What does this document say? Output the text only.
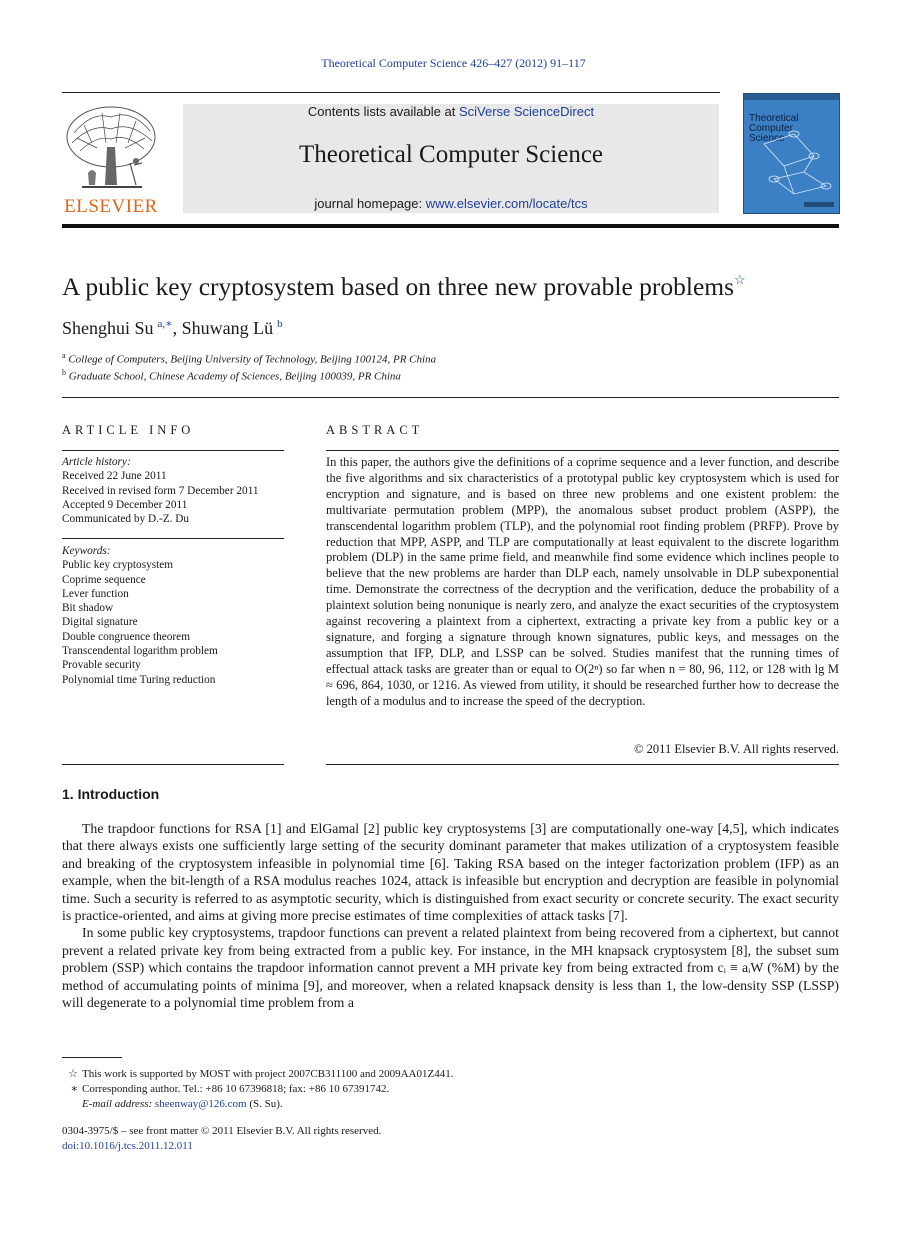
Theoretical Computer Science 426–427 (2012) 91–117
ELSEVIER
Contents lists available at SciVerse ScienceDirect
Theoretical Computer Science
journal homepage: www.elsevier.com/locate/tcs
Theoretical Computer Science
A public key cryptosystem based on three new provable problems☆
Shenghui Su $^{a,∗}$, Shuwang Lü $^b$
$^a$ College of Computers, Beijing University of Technology, Beijing 100124, PR China
$^b$ Graduate School, Chinese Academy of Sciences, Beijing 100039, PR China
ARTICLE INFO
Article history:
Received 22 June 2011
Received in revised form 7 December 2011
Accepted 9 December 2011
Communicated by D.-Z. Du
Keywords:
Public key cryptosystem
Coprime sequence
Lever function
Bit shadow
Digital signature
Double congruence theorem
Transcendental logarithm problem
Provable security
Polynomial time Turing reduction
ABSTRACT
In this paper, the authors give the definitions of a coprime sequence and a lever function, and describe the five algorithms and six characteristics of a prototypal public key cryptosystem which is used for encryption and signature, and is based on three new problems and one existent problem: the multivariate permutation problem (MPP), the anomalous subset product problem (ASPP), the transcendental logarithm problem (TLP), and the polynomial root finding problem (PRFP). Prove by reduction that MPP, ASPP, and TLP are computationally at least equivalent to the discrete logarithm problem (DLP) in the same prime field, and meanwhile find some evidence which inclines people to believe that the new problems are harder than DLP each, namely unsolvable in DLP subexponential time. Demonstrate the correctness of the decryption and the verification, deduce the probability of a plaintext solution being nonunique is nearly zero, and analyze the exact securities of the cryptosystem against recovering a plaintext from a ciphertext, extracting a private key from a public key or a signature, and forging a signature through known signatures, public keys, and messages on the assumption that IFP, DLP, and LSSP can be solved. Studies manifest that the running times of effectual attack tasks are greater than or equal to O(2ⁿ) so far when n = 80, 96, 112, or 128 with lg M ≈ 696, 864, 1030, or 1216. As viewed from utility, it should be researched further how to decrease the length of a modulus and to increase the speed of the decryption.
© 2011 Elsevier B.V. All rights reserved.
1. Introduction

The trapdoor functions for RSA [1] and ElGamal [2] public key cryptosystems [3] are computationally one-way [4,5], which indicates that there always exists one sufficiently large setting of the security dominant parameter that makes utilization of a cryptosystem feasible and breaking of the cryptosystem infeasible in polynomial time [6]. Taking RSA based on the integer factorization problem (IFP) as an example, when the bit-length of a RSA modulus reaches 1024, attack is infeasible but encryption and decryption are feasible in polynomial time. Such a security is referred to as asymptotic security, which is distinguished from exact security or concrete security. The exact security is practice-oriented, and aims at giving more precise estimates of time complexities of attack tasks [7].

In some public key cryptosystems, trapdoor functions can prevent a related plaintext from being recovered from a ciphertext, but cannot prevent a related private key from being extracted from a public key. For instance, in the MH knapsack cryptosystem [8], the subset sum problem (SSP) which contains the trapdoor information cannot prevent a MH private key from being extracted from cᵢ ≡ aᵢW (%M) by the method of accumulating points of minima [9], and moreover, when a related knapsack density is less than 1, the low-density SSP (LSSP) will degenerate to a polynomial time problem from a

☆ This work is supported by MOST with project 2007CB311100 and 2009AA01Z441.
∗ Corresponding author. Tel.: +86 10 67396818; fax: +86 10 67391742.
E-mail address: sheenway@126.com (S. Su).
0304-3975/$ – see front matter © 2011 Elsevier B.V. All rights reserved.
doi:10.1016/j.tcs.2011.12.011
